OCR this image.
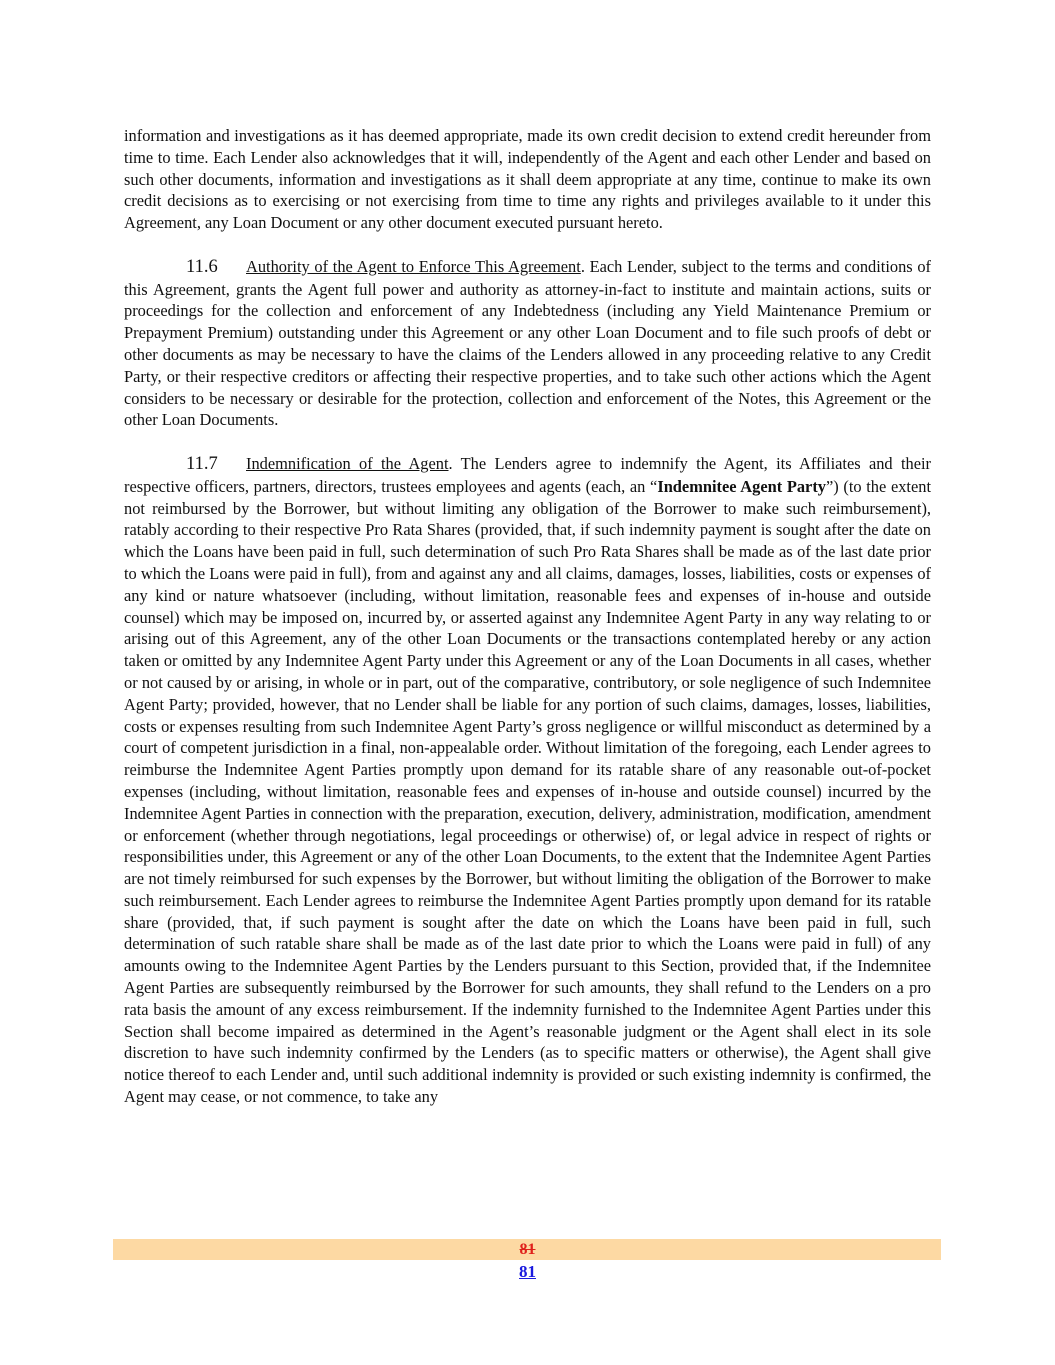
information and investigations as it has deemed appropriate, made its own credit decision to extend credit hereunder from time to time. Each Lender also acknowledges that it will, independently of the Agent and each other Lender and based on such other documents, information and investigations as it shall deem appropriate at any time, continue to make its own credit decisions as to exercising or not exercising from time to time any rights and privileges available to it under this Agreement, any Loan Document or any other document executed pursuant hereto.

11.6 Authority of the Agent to Enforce This Agreement. Each Lender, subject to the terms and conditions of this Agreement, grants the Agent full power and authority as attorney-in-fact to institute and maintain actions, suits or proceedings for the collection and enforcement of any Indebtedness (including any Yield Maintenance Premium or Prepayment Premium) outstanding under this Agreement or any other Loan Document and to file such proofs of debt or other documents as may be necessary to have the claims of the Lenders allowed in any proceeding relative to any Credit Party, or their respective creditors or affecting their respective properties, and to take such other actions which the Agent considers to be necessary or desirable for the protection, collection and enforcement of the Notes, this Agreement or the other Loan Documents.

11.7 Indemnification of the Agent. The Lenders agree to indemnify the Agent, its Affiliates and their respective officers, partners, directors, trustees employees and agents (each, an “Indemnitee Agent Party”) (to the extent not reimbursed by the Borrower, but without limiting any obligation of the Borrower to make such reimbursement), ratably according to their respective Pro Rata Shares (provided, that, if such indemnity payment is sought after the date on which the Loans have been paid in full, such determination of such Pro Rata Shares shall be made as of the last date prior to which the Loans were paid in full), from and against any and all claims, damages, losses, liabilities, costs or expenses of any kind or nature whatsoever (including, without limitation, reasonable fees and expenses of in-house and outside counsel) which may be imposed on, incurred by, or asserted against any Indemnitee Agent Party in any way relating to or arising out of this Agreement, any of the other Loan Documents or the transactions contemplated hereby or any action taken or omitted by any Indemnitee Agent Party under this Agreement or any of the Loan Documents in all cases, whether or not caused by or arising, in whole or in part, out of the comparative, contributory, or sole negligence of such Indemnitee Agent Party; provided, however, that no Lender shall be liable for any portion of such claims, damages, losses, liabilities, costs or expenses resulting from such Indemnitee Agent Party’s gross negligence or willful misconduct as determined by a court of competent jurisdiction in a final, non-appealable order. Without limitation of the foregoing, each Lender agrees to reimburse the Indemnitee Agent Parties promptly upon demand for its ratable share of any reasonable out-of-pocket expenses (including, without limitation, reasonable fees and expenses of in-house and outside counsel) incurred by the Indemnitee Agent Parties in connection with the preparation, execution, delivery, administration, modification, amendment or enforcement (whether through negotiations, legal proceedings or otherwise) of, or legal advice in respect of rights or responsibilities under, this Agreement or any of the other Loan Documents, to the extent that the Indemnitee Agent Parties are not timely reimbursed for such expenses by the Borrower, but without limiting the obligation of the Borrower to make such reimbursement. Each Lender agrees to reimburse the Indemnitee Agent Parties promptly upon demand for its ratable share (provided, that, if such payment is sought after the date on which the Loans have been paid in full, such determination of such ratable share shall be made as of the last date prior to which the Loans were paid in full) of any amounts owing to the Indemnitee Agent Parties by the Lenders pursuant to this Section, provided that, if the Indemnitee Agent Parties are subsequently reimbursed by the Borrower for such amounts, they shall refund to the Lenders on a pro rata basis the amount of any excess reimbursement. If the indemnity furnished to the Indemnitee Agent Parties under this Section shall become impaired as determined in the Agent’s reasonable judgment or the Agent shall elect in its sole discretion to have such indemnity confirmed by the Lenders (as to specific matters or otherwise), the Agent shall give notice thereof to each Lender and, until such additional indemnity is provided or such existing indemnity is confirmed, the Agent may cease, or not commence, to take any

81
81
